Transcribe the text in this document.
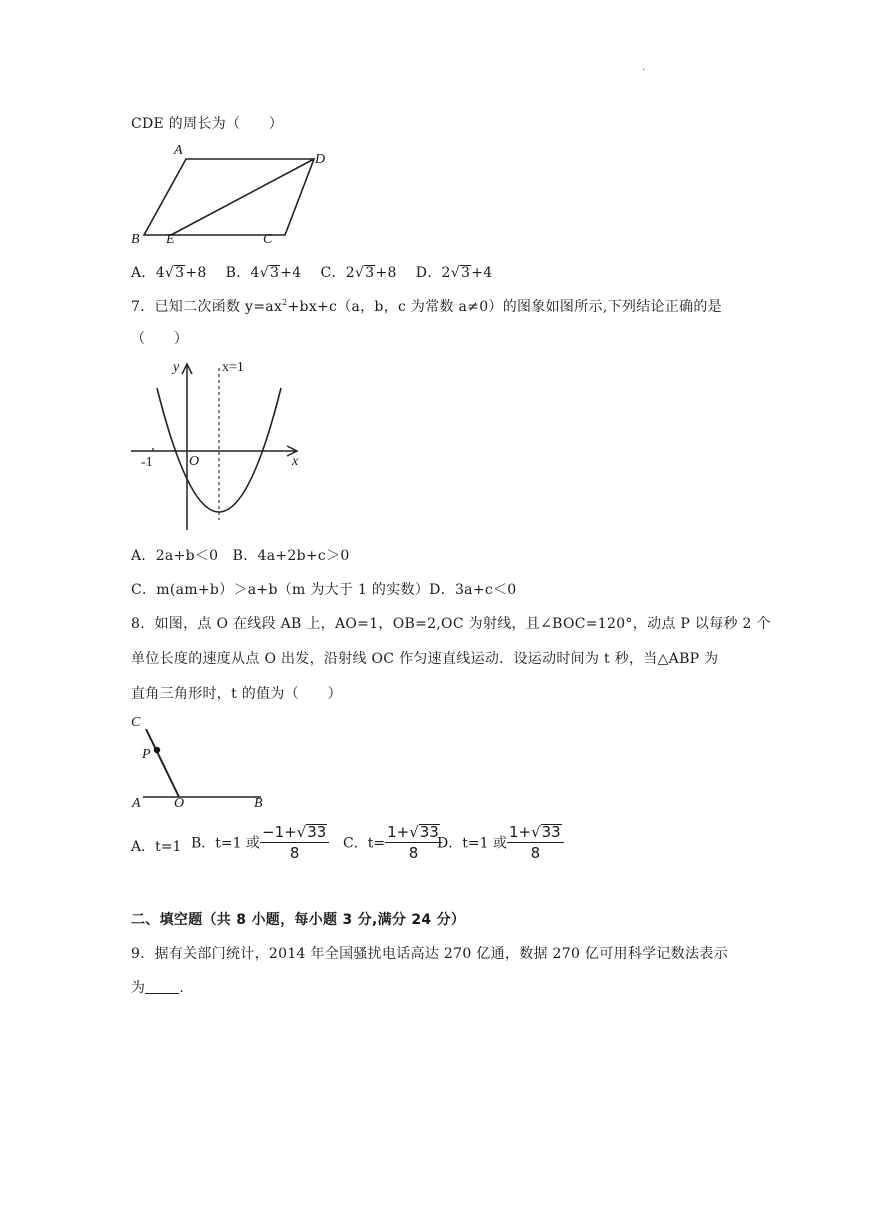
.
CDE 的周长为（　　）
A
D
B E	C
A．4√3+8 B．4√3+4 C．2√3+8 D．2√3+4
7．已知二次函数 $y=ax^2+bx+c(a$，b，c 为常数 a≠0）的图象如图所示,下列结论正确的是
（　　）
y	x=1
-1	O	x
A．2a+b＜0　B．4a+2b+c＞0
C．m(am+b）＞a+b（m 为大于 1 的实数）D．3a+c＜0
8．如图，点 O 在线段 AB 上，AO=1，OB=2,OC 为射线，且∠BOC=120°，动点 P 以每秒 2 个
单位长度的速度从点 O 出发，沿射线 OC 作匀速直线运动．设运动时间为 t 秒，当△ABP 为
直角三角形时，t 的值为（　　）
C
P
A O	B
A．t=1 B．t=1 或 $\frac{-1+√33}{8}$ C．$t= \frac{1+√33}{8}$
D．t=1 或 $\frac{1+√33}{8}$
二、填空题（共 8 小题，每小题 3 分,满分 24 分）
9．据有关部门统计，2014 年全国骚扰电话高达 270 亿通，数据 270 亿可用科学记数法表示
为 .
